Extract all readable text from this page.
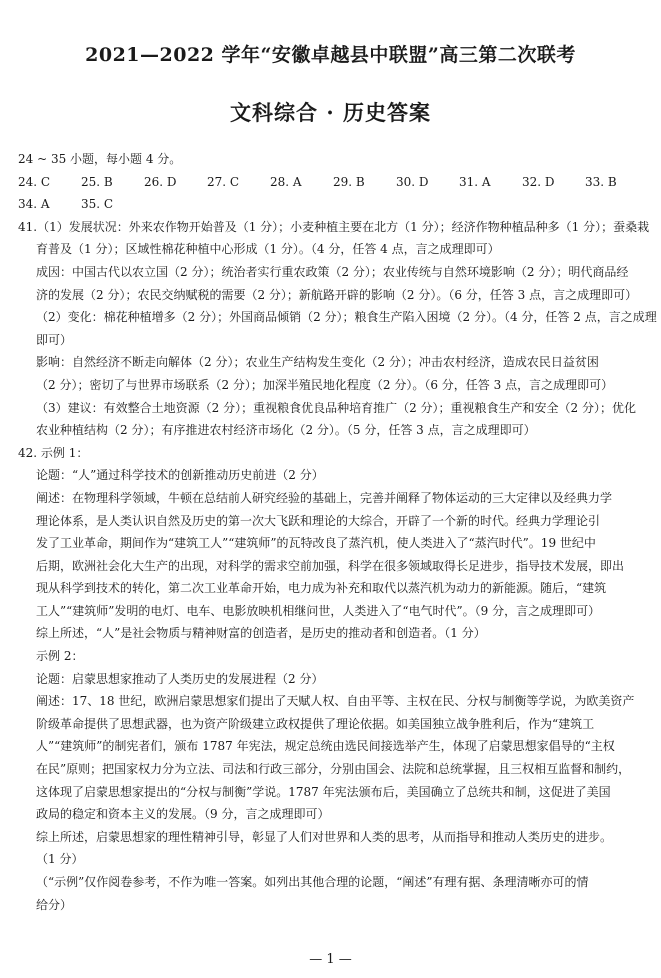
2021—2022 学年“安徽卓越县中联盟”高三第二次联考
文科综合 · 历史答案
24 ~ 35 小题，每小题 4 分。
24. C	25. B	26. D	27. C	28. A	29. B	30. D	31. A	32. D	33. B
34. A	35. C
41.（1）发展状况：外来农作物开始普及（1 分）；小麦种植主要在北方（1 分）；经济作物种植品种多（1 分）；蚕桑栽
育普及（1 分）；区域性棉花种植中心形成（1 分）。（4 分，任答 4 点，言之成理即可）
成因：中国古代以农立国（2 分）；统治者实行重农政策（2 分）；农业传统与自然环境影响（2 分）；明代商品经
济的发展（2 分）；农民交纳赋税的需要（2 分）；新航路开辟的影响（2 分）。（6 分，任答 3 点，言之成理即可）
（2）变化：棉花种植增多（2 分）；外国商品倾销（2 分）；粮食生产陷入困境（2 分）。（4 分，任答 2 点，言之成理
即可）
影响：自然经济不断走向解体（2 分）；农业生产结构发生变化（2 分）；冲击农村经济，造成农民日益贫困
（2 分）；密切了与世界市场联系（2 分）；加深半殖民地化程度（2 分）。（6 分，任答 3 点，言之成理即可）
（3）建议：有效整合土地资源（2 分）；重视粮食优良品种培育推广（2 分）；重视粮食生产和安全（2 分）；优化
农业种植结构（2 分）；有序推进农村经济市场化（2 分）。（5 分，任答 3 点，言之成理即可）
42. 示例 1：
论题：“人”通过科学技术的创新推动历史前进（2 分）
阐述：在物理科学领域，牛顿在总结前人研究经验的基础上，完善并阐释了物体运动的三大定律以及经典力学
理论体系，是人类认识自然及历史的第一次大飞跃和理论的大综合，开辟了一个新的时代。经典力学理论引
发了工业革命，期间作为“建筑工人”“建筑师”的瓦特改良了蒸汽机，使人类进入了“蒸汽时代”。19 世纪中
后期，欧洲社会化大生产的出现，对科学的需求空前加强，科学在很多领域取得长足进步，指导技术发展，即出
现从科学到技术的转化，第二次工业革命开始，电力成为补充和取代以蒸汽机为动力的新能源。随后，“建筑
工人”“建筑师”发明的电灯、电车、电影放映机相继问世，人类进入了“电气时代”。（9 分，言之成理即可）
综上所述，“人”是社会物质与精神财富的创造者，是历史的推动者和创造者。（1 分）
示例 2：
论题：启蒙思想家推动了人类历史的发展进程（2 分）
阐述：17、18 世纪，欧洲启蒙思想家们提出了天赋人权、自由平等、主权在民、分权与制衡等学说，为欧美资产
阶级革命提供了思想武器，也为资产阶级建立政权提供了理论依据。如美国独立战争胜利后，作为“建筑工
人”“建筑师”的制宪者们，颁布 1787 年宪法，规定总统由选民间接选举产生，体现了启蒙思想家倡导的“主权
在民”原则；把国家权力分为立法、司法和行政三部分，分别由国会、法院和总统掌握，且三权相互监督和制约，
这体现了启蒙思想家提出的“分权与制衡”学说。1787 年宪法颁布后，美国确立了总统共和制，这促进了美国
政局的稳定和资本主义的发展。（9 分，言之成理即可）
综上所述，启蒙思想家的理性精神引导，彰显了人们对世界和人类的思考，从而指导和推动人类历史的进步。
（1 分）
（“示例”仅作阅卷参考，不作为唯一答案。如列出其他合理的论题，“阐述”有理有据、条理清晰亦可的情
给分）
— 1 —
